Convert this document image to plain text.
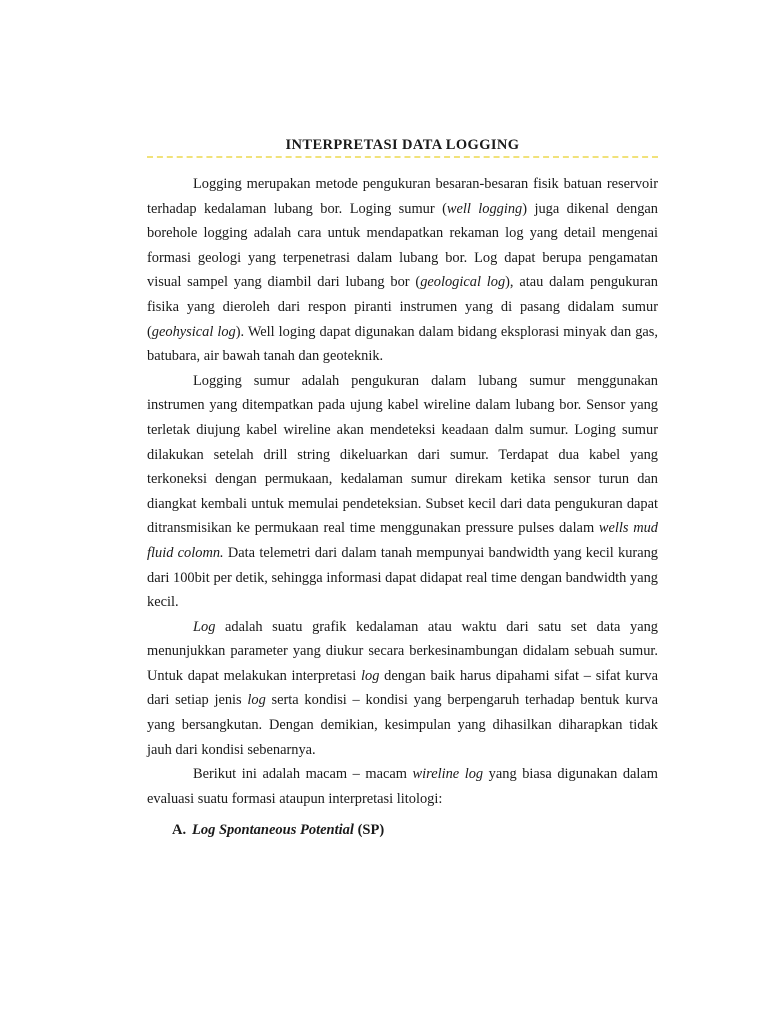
INTERPRETASI DATA LOGGING

Logging merupakan metode pengukuran besaran-besaran fisik batuan reservoir terhadap kedalaman lubang bor. Loging sumur (well logging) juga dikenal dengan borehole logging adalah cara untuk mendapatkan rekaman log yang detail mengenai formasi geologi yang terpenetrasi dalam lubang bor. Log dapat berupa pengamatan visual sampel yang diambil dari lubang bor (geological log), atau dalam pengukuran fisika yang dieroleh dari respon piranti instrumen yang di pasang didalam sumur (geohysical log). Well loging dapat digunakan dalam bidang eksplorasi minyak dan gas, batubara, air bawah tanah dan geoteknik.

Logging sumur adalah pengukuran dalam lubang sumur menggunakan instrumen yang ditempatkan pada ujung kabel wireline dalam lubang bor. Sensor yang terletak diujung kabel wireline akan mendeteksi keadaan dalm sumur. Loging sumur dilakukan setelah drill string dikeluarkan dari sumur. Terdapat dua kabel yang terkoneksi dengan permukaan, kedalaman sumur direkam ketika sensor turun dan diangkat kembali untuk memulai pendeteksian. Subset kecil dari data pengukuran dapat ditransmisikan ke permukaan real time menggunakan pressure pulses dalam wells mud fluid colomn. Data telemetri dari dalam tanah mempunyai bandwidth yang kecil kurang dari 100bit per detik, sehingga informasi dapat didapat real time dengan bandwidth yang kecil.

Log adalah suatu grafik kedalaman atau waktu dari satu set data yang menunjukkan parameter yang diukur secara berkesinambungan didalam sebuah sumur. Untuk dapat melakukan interpretasi log dengan baik harus dipahami sifat – sifat kurva dari setiap jenis log serta kondisi – kondisi yang berpengaruh terhadap bentuk kurva yang bersangkutan. Dengan demikian, kesimpulan yang dihasilkan diharapkan tidak jauh dari kondisi sebenarnya.

Berikut ini adalah macam – macam wireline log yang biasa digunakan dalam evaluasi suatu formasi ataupun interpretasi litologi:

A. Log Spontaneous Potential (SP)
